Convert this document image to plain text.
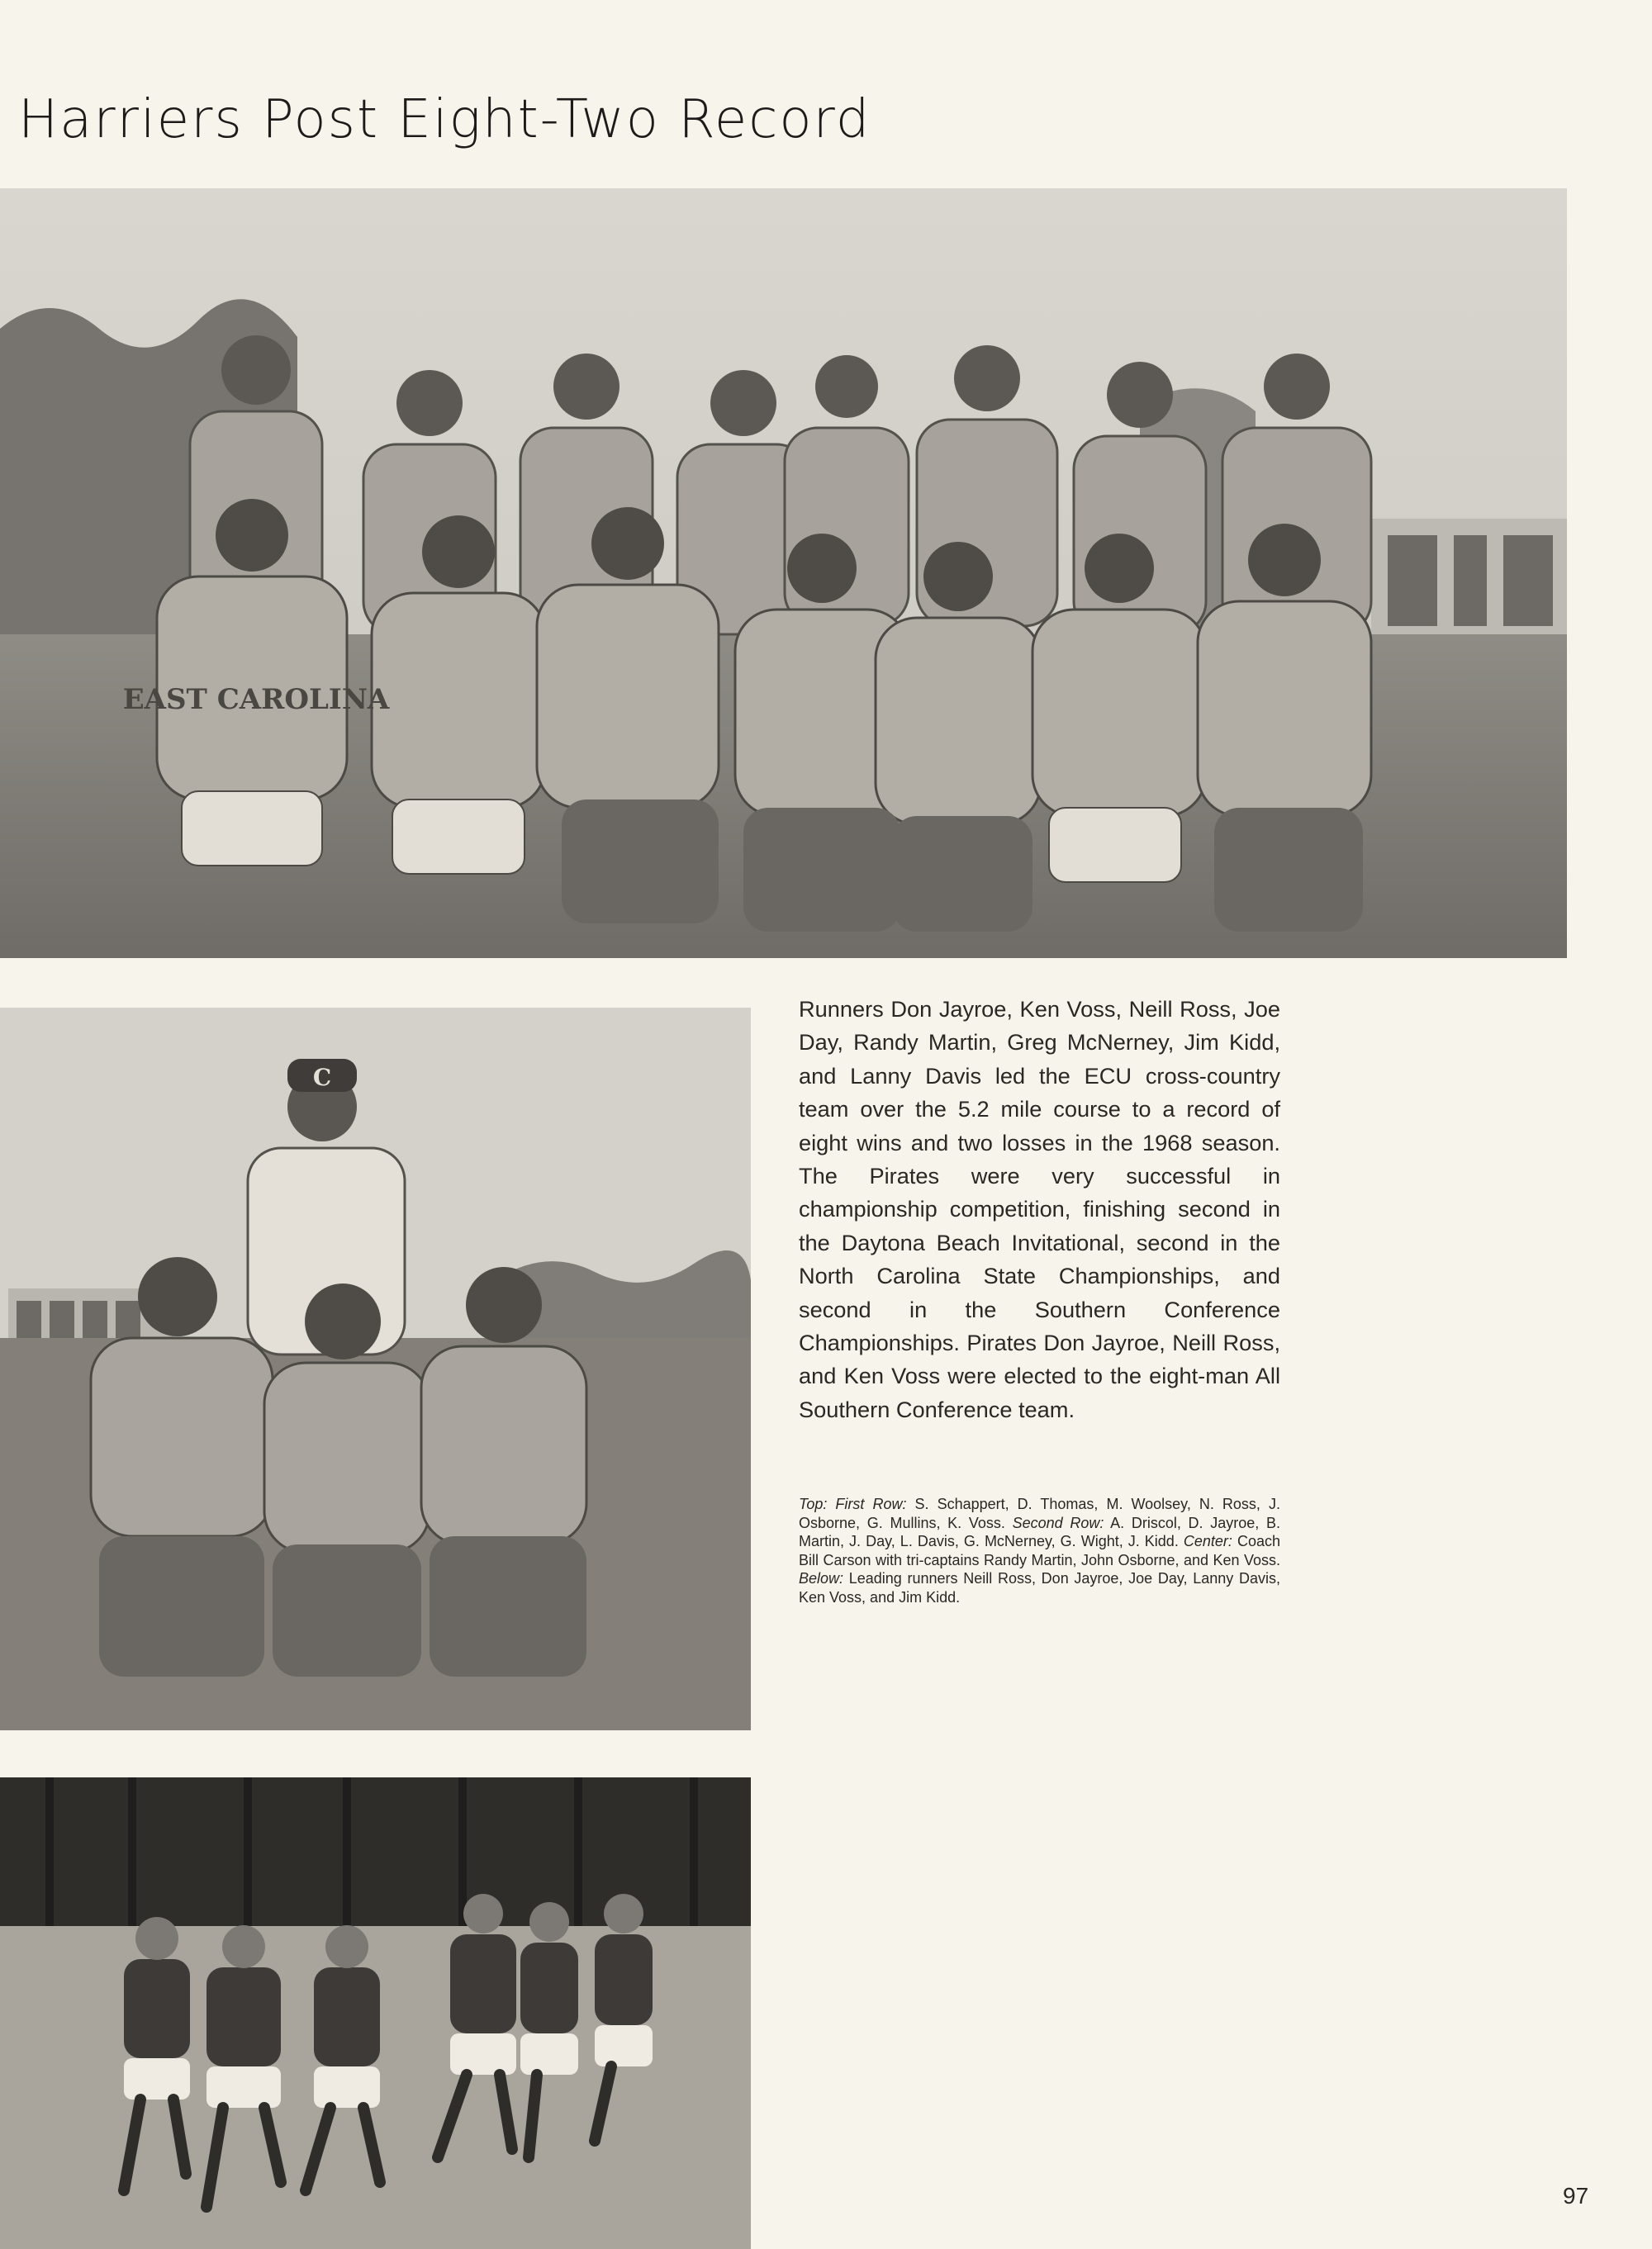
Harriers Post Eight-Two Record
EAST CAROLINA
C

Runners Don Jayroe, Ken Voss, Neill Ross, Joe Day, Randy Martin, Greg McNerney, Jim Kidd, and Lanny Davis led the ECU cross-country team over the 5.2 mile course to a record of eight wins and two losses in the 1968 season. The Pirates were very successful in championship competition, finishing second in the Daytona Beach Invitational, second in the North Carolina State Championships, and second in the Southern Conference Championships. Pirates Don Jayroe, Neill Ross, and Ken Voss were elected to the eight-man All Southern Conference team.

Top: First Row: S. Schappert, D. Thomas, M. Woolsey, N. Ross, J. Osborne, G. Mullins, K. Voss. Second Row: A. Driscol, D. Jayroe, B. Martin, J. Day, L. Davis, G. McNerney, G. Wight, J. Kidd. Center: Coach Bill Carson with tri-captains Randy Martin, John Osborne, and Ken Voss. Below: Leading runners Neill Ross, Don Jayroe, Joe Day, Lanny Davis, Ken Voss, and Jim Kidd.

97
